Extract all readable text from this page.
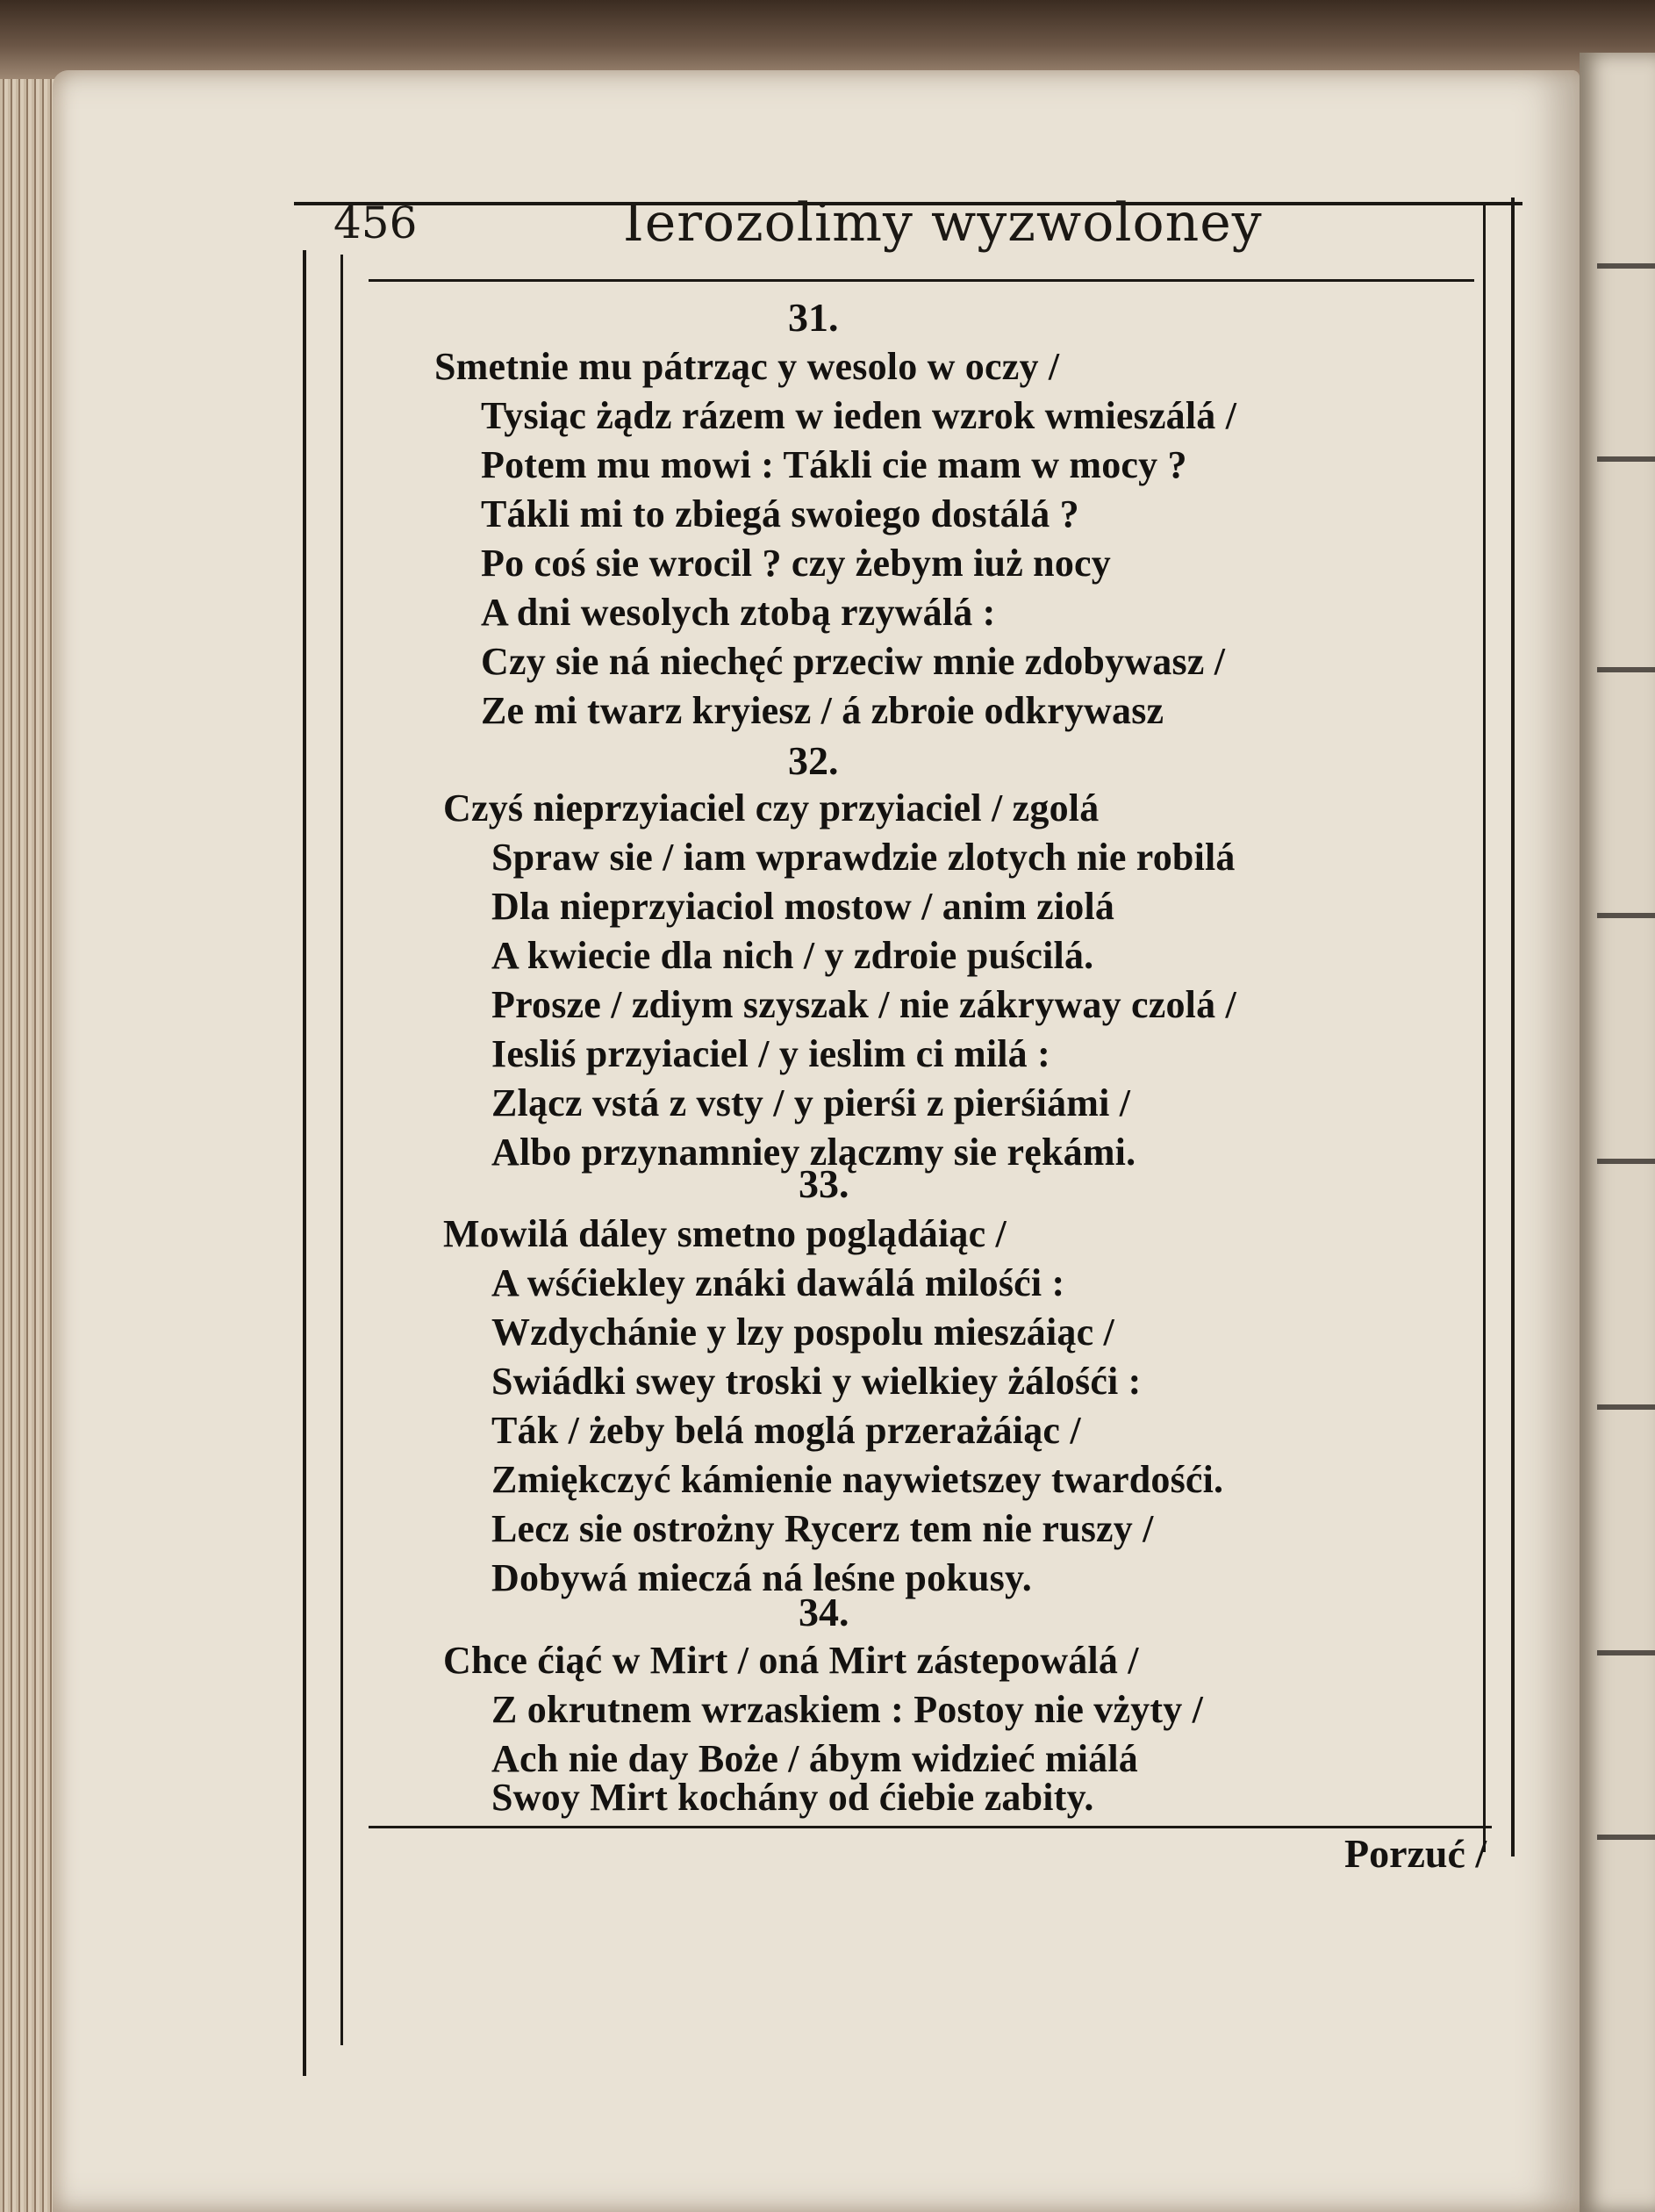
456	Ierozolimy wyzwoloney
31.
Smetnie mu pátrząc y wesolo w oczy /
Tysiąc żądz rázem w ieden wzrok wmieszálá /
Potem mu mowi : Tákli cie mam w mocy ?
Tákli mi to zbiegá swoiego dostálá ?
Po coś sie wrocil ? czy żebym iuż nocy
A dni wesolych ztobą rzywálá :
Czy sie ná niechęć przeciw mnie zdobywasz /
Ze mi twarz kryiesz / á zbroie odkrywasz
32.
Czyś nieprzyiaciel czy przyiaciel / zgolá
Spraw sie / iam wprawdzie zlotych nie robilá
Dla nieprzyiaciol mostow / anim ziolá
A kwiecie dla nich / y zdroie puścilá.
Prosze / zdiym szyszak / nie zákryway czolá /
Iesliś przyiaciel / y ieslim ci milá :
Zlącz vstá z vsty / y pierśi z pierśiámi /
Albo przynamniey zlączmy sie rękámi.
33.
Mowilá dáley smetno poglądáiąc /
A wśćiekley znáki dawálá milośći :
Wzdychánie y lzy pospolu mieszáiąc /
Swiádki swey troski y wielkiey żálośći :
Ták / żeby belá moglá przerażáiąc /
Zmiękczyć kámienie naywietszey twardośći.
Lecz sie ostrożny Rycerz tem nie ruszy /
Dobywá mieczá ná leśne pokusy.
34.
Chce ćiąć w Mirt / oná Mirt zástepowálá /
Z okrutnem wrzaskiem : Postoy nie vżyty /
Ach nie day Boże / ábym widzieć miálá
Swoy Mirt kochány od ćiebie zabity.
Porzuć /
